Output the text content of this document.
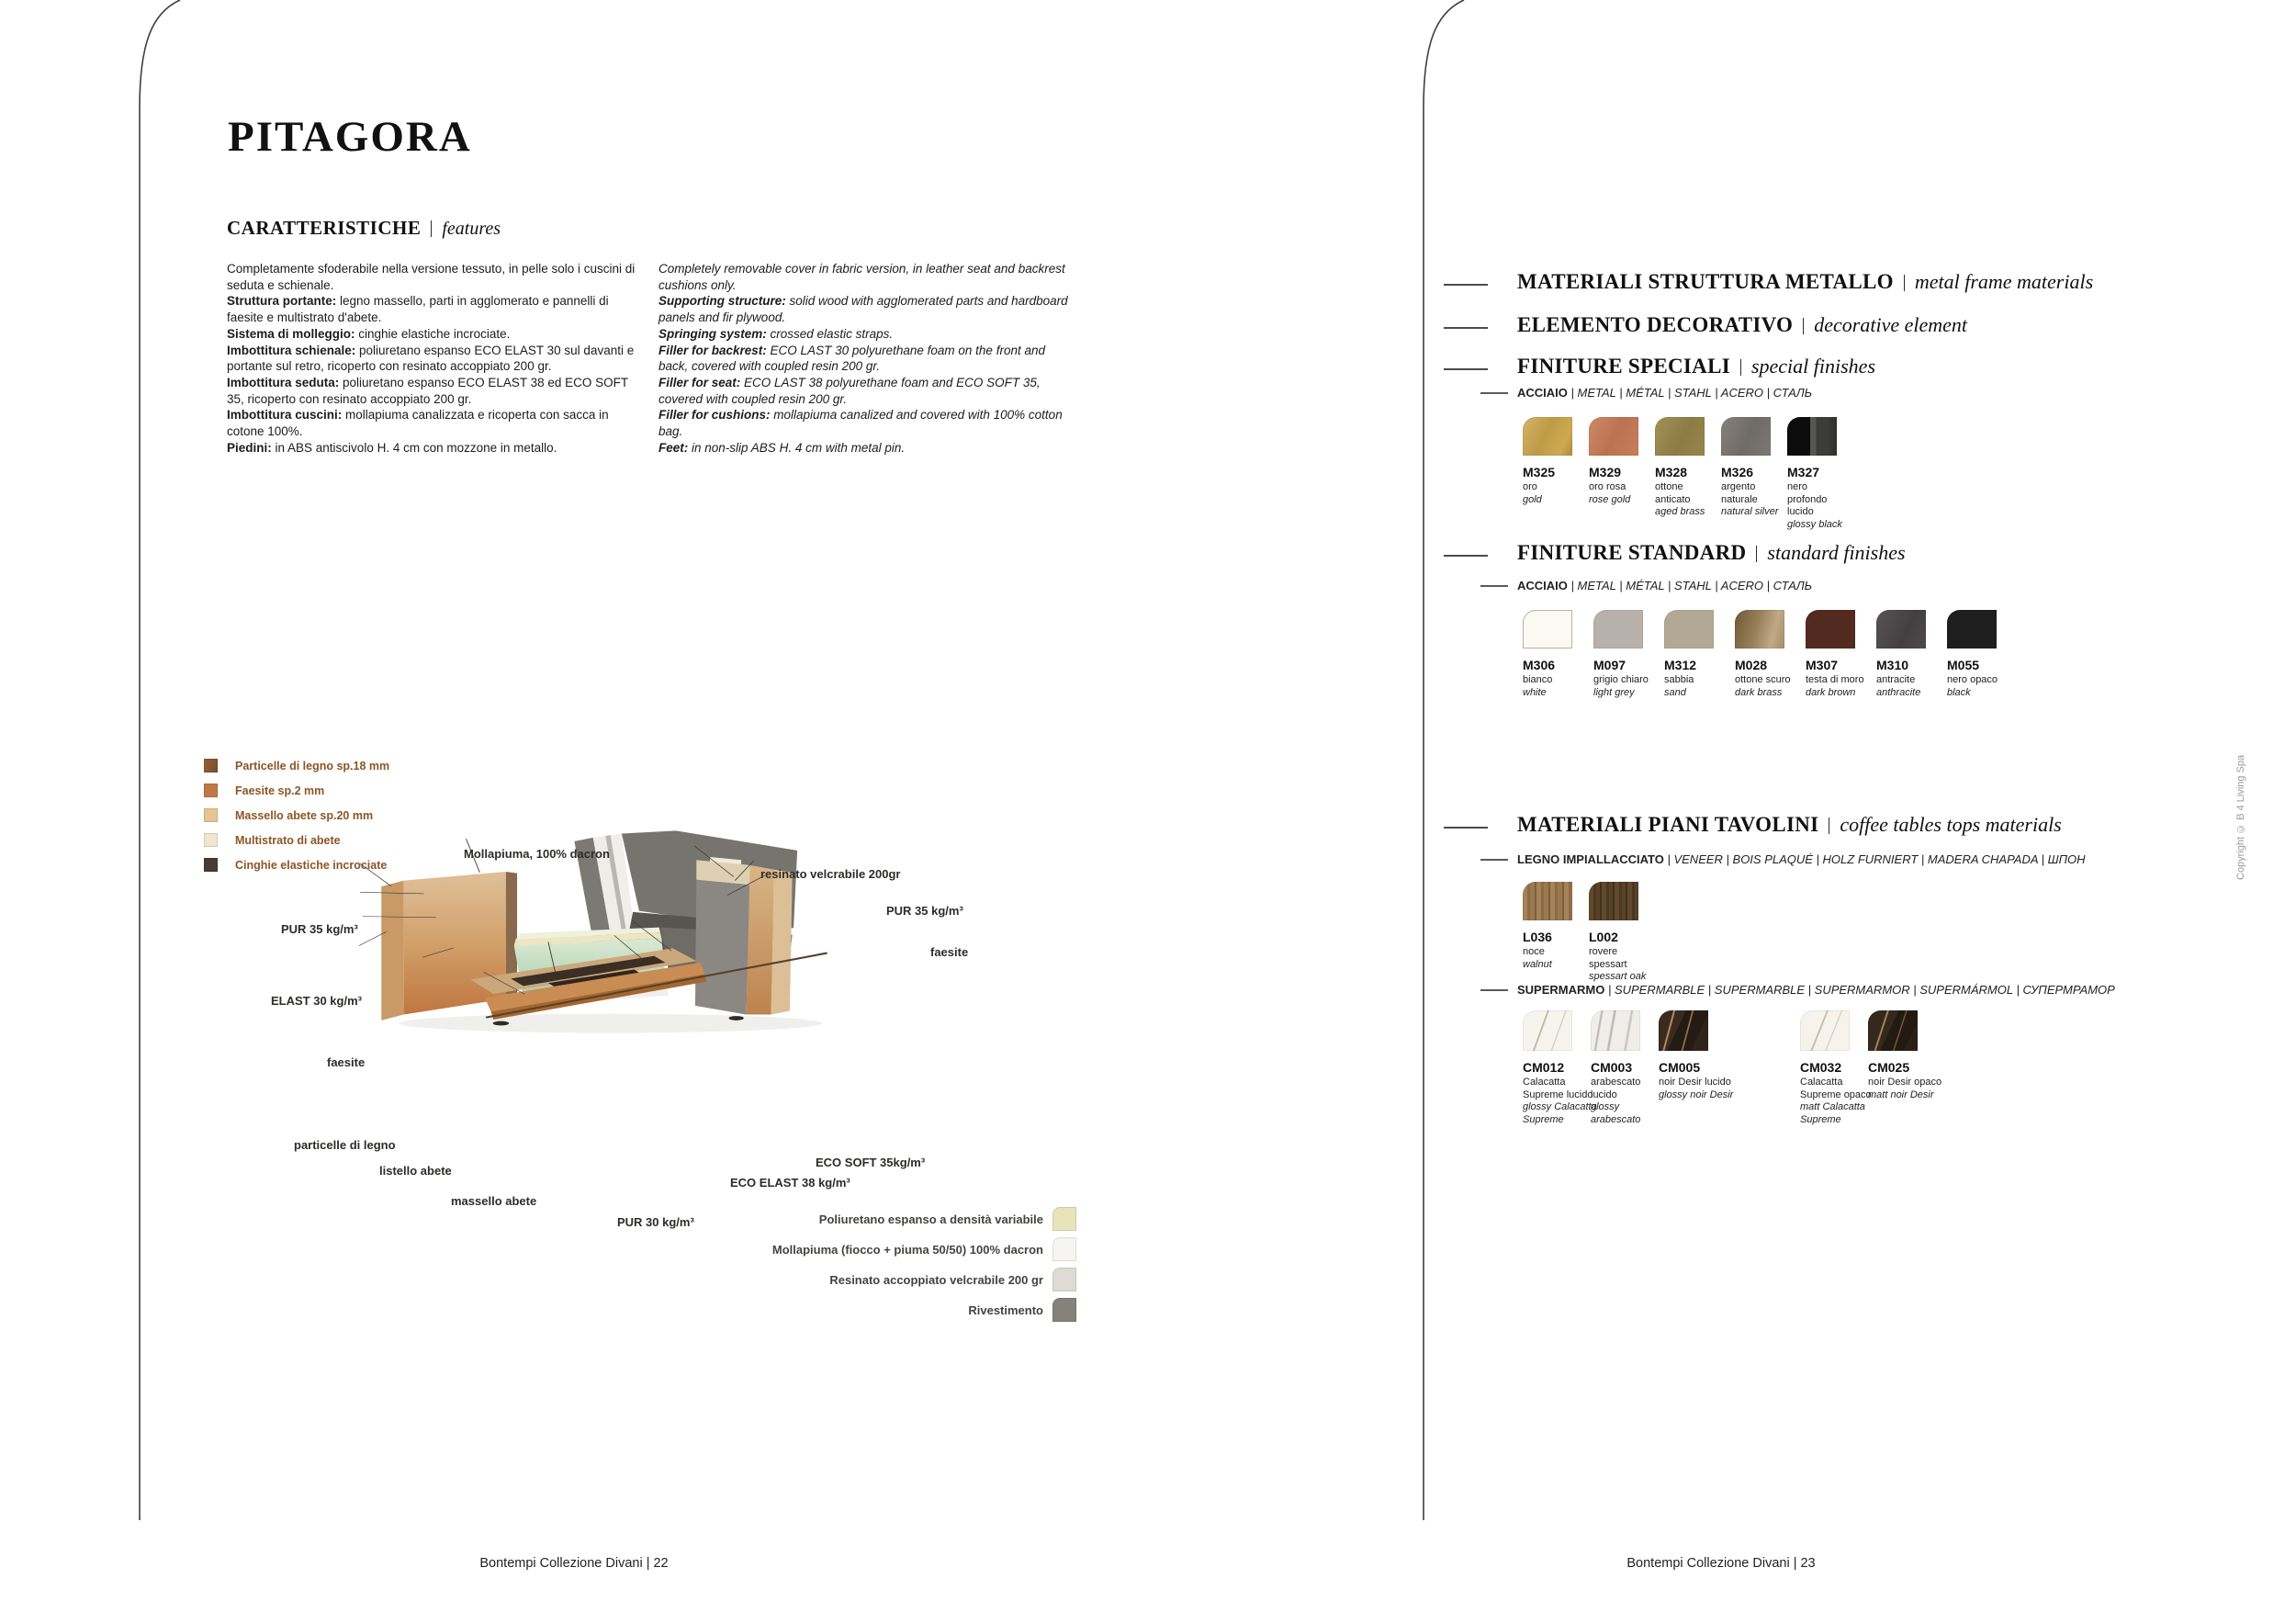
PITAGORA
CARATTERISTICHE features

Completamente sfoderabile nella versione tessuto, in pelle solo i cuscini di seduta e schienale.

Struttura portante: legno massello, parti in agglomerato e pannelli di faesite e multistrato d'abete.

Sistema di molleggio: cinghie elastiche incrociate.

Imbottitura schienale: poliuretano espanso ECO ELAST 30 sul davanti e portante sul retro, ricoperto con resinato accoppiato 200 gr.

Imbottitura seduta: poliuretano espanso ECO ELAST 38 ed ECO SOFT 35, ricoperto con resinato accoppiato 200 gr.

Imbottitura cuscini: mollapiuma canalizzata e ricoperta con sacca in cotone 100%.

Piedini: in ABS antiscivolo H. 4 cm con mozzone in metallo.

Completely removable cover in fabric version, in leather seat and backrest cushions only.

Supporting structure: solid wood with agglomerated parts and hardboard panels and fir plywood.

Springing system: crossed elastic straps.

Filler for backrest: ECO LAST 30 polyurethane foam on the front and back, covered with coupled resin 200 gr.

Filler for seat: ECO LAST 38 polyurethane foam and ECO SOFT 35, covered with coupled resin 200 gr.

Filler for cushions: mollapiuma canalized and covered with 100% cotton bag.

Feet: in non-slip ABS H. 4 cm with metal pin.

Particelle di legno sp.18 mm
Faesite sp.2 mm
Massello abete sp.20 mm
Multistrato di abete
Cinghie elastiche incrociate
Mollapiuma, 100% dacron
resinato velcrabile 200gr
PUR 35 kg/m³
faesite
PUR 35 kg/m³
ELAST 30 kg/m³
faesite
particelle di legno
listello abete
massello abete
PUR 30 kg/m³
ECO ELAST 38 kg/m³
ECO SOFT 35kg/m³
Poliuretano espanso a densità variabile
Mollapiuma (fiocco + piuma 50/50) 100% dacron
Resinato accoppiato velcrabile 200 gr
Rivestimento
Bontempi Collezione Divani | 22
MATERIALI STRUTTURA METALLO metal frame materials
ELEMENTO DECORATIVO decorative element
FINITURE SPECIALI special finishes
ACCIAIO | METAL | MÉTAL | STAHL | ACERO | СТАЛЬ
M325
oro
gold
M329
oro rosa
rose gold
M328
ottone anticato
aged brass
M326
argento naturale
natural silver
M327
nero profondo lucido
glossy black
FINITURE STANDARD standard finishes
ACCIAIO | METAL | MÉTAL | STAHL | ACERO | СТАЛЬ
M306
bianco
white
M097
grigio chiaro
light grey
M312
sabbia
sand
M028
ottone scuro
dark brass
M307
testa di moro
dark brown
M310
antracite
anthracite
M055
nero opaco
black
MATERIALI PIANI TAVOLINI coffee tables tops materials
LEGNO IMPIALLACCIATO | VENEER | BOIS PLAQUÉ | HOLZ FURNIERT | MADERA CHAPADA | ШПОН
L036
noce
walnut
L002
rovere spessart
spessart oak
SUPERMARMO | SUPERMARBLE | SUPERMARBLE | SUPERMARMOR | SUPERMÁRMOL | СУПЕРМРАМОР
CM012
Calacatta Supreme lucido
glossy Calacatta Supreme
CM003
arabescato lucido
glossy arabescato
CM005
noir Desir lucido
glossy noir Desir
CM032
Calacatta Supreme opaco
matt Calacatta Supreme
CM025
noir Desir opaco
matt noir Desir
Bontempi Collezione Divani | 23
Copyright © B 4 Living Spa
